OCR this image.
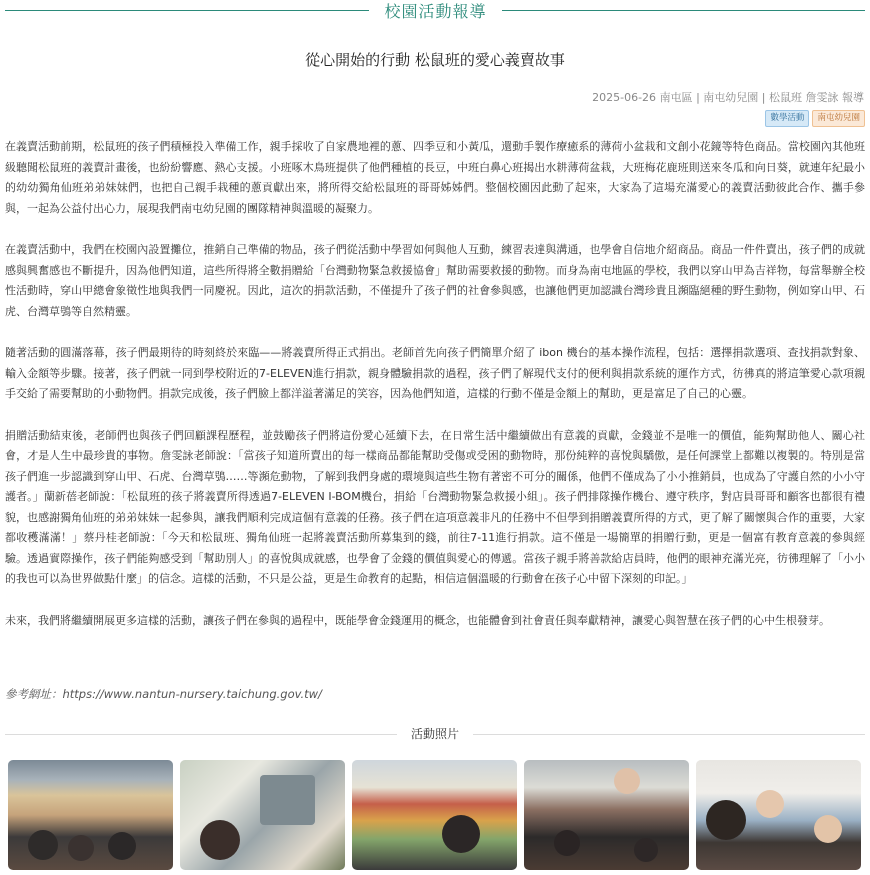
校園活動報導
從心開始的行動 松鼠班的愛心義賣故事
2025-06-26 南屯區 | 南屯幼兒園 | 松鼠班 詹雯詠 報導
數學活動	南屯幼兒園

在義賣活動前期，松鼠班的孩子們積極投入準備工作，親手採收了自家農地裡的蔥、四季豆和小黃瓜，還動手製作療癒系的薄荷小盆栽和文創小花鏡等特色商品。當校園內其他班級聽聞松鼠班的義賣計畫後，也紛紛響應、熱心支援。小班啄木鳥班提供了他們種植的長豆，中班白鼻心班揭出水耕薄荷盆栽，大班梅花鹿班則送來冬瓜和向日葵，就連年紀最小的幼幼獨角仙班弟弟妹妹們，也把自己親手栽種的蔥貢獻出來，將所得交給松鼠班的哥哥姊姊們。整個校園因此動了起來，大家為了這場充滿愛心的義賣活動彼此合作、攜手參與，一起為公益付出心力，展現我們南屯幼兒園的團隊精神與溫暖的凝聚力。

在義賣活動中，我們在校園內設置攤位，推銷自己準備的物品，孩子們從活動中學習如何與他人互動，練習表達與溝通，也學會自信地介紹商品。商品一件件賣出，孩子們的成就感與興奮感也不斷提升，因為他們知道，這些所得將全數捐贈給「台灣動物緊急救援協會」幫助需要救援的動物。而身為南屯地區的學校，我們以穿山甲為吉祥物，每當舉辦全校性活動時，穿山甲總會象徵性地與我們一同慶祝。因此，這次的捐款活動，不僅提升了孩子們的社會參與感，也讓他們更加認識台灣珍貴且瀕臨絕種的野生動物，例如穿山甲、石虎、台灣草鴞等自然精靈。

隨著活動的圓滿落幕，孩子們最期待的時刻終於來臨——將義賣所得正式捐出。老師首先向孩子們簡單介紹了 ibon 機台的基本操作流程，包括：選擇捐款選項、查找捐款對象、輸入金額等步驟。接著，孩子們就一同到學校附近的7-ELEVEN進行捐款，親身體驗捐款的過程，孩子們了解現代支付的便利與捐款系統的運作方式，彷彿真的將這筆愛心款項親手交給了需要幫助的小動物們。捐款完成後，孩子們臉上都洋溢著滿足的笑容，因為他們知道，這樣的行動不僅是金額上的幫助，更是富足了自己的心靈。

捐贈活動結束後，老師們也與孩子們回顧課程歷程，並鼓勵孩子們將這份愛心延續下去，在日常生活中繼續做出有意義的貢獻，金錢並不是唯一的價值，能夠幫助他人、關心社會，才是人生中最珍貴的事物。詹雯詠老師說：「當孩子知道所賣出的每一樣商品都能幫助受傷或受困的動物時，那份純粹的喜悅與驕傲，是任何課堂上都難以複製的。特別是當孩子們進一步認識到穿山甲、石虎、台灣草鴞……等瀕危動物，了解到我們身處的環境與這些生物有著密不可分的關係，他們不僅成為了小小推銷員，也成為了守護自然的小小守護者。」蘭新蓓老師說：「松鼠班的孩子將義賣所得透過7-ELEVEN I-BOM機台，捐給「台灣動物緊急救援小組」。孩子們排隊操作機台、遵守秩序，對店員哥哥和顧客也都很有禮貌，也感謝獨角仙班的弟弟妹妹一起參與，讓我們順利完成這個有意義的任務。孩子們在這項意義非凡的任務中不但學到捐贈義賣所得的方式，更了解了關懷與合作的重要，大家都收穫滿滿！」蔡丹桂老師說：「今天和松鼠班、獨角仙班一起將義賣活動所募集到的錢，前往7-11進行捐款。這不僅是一場簡單的捐贈行動，更是一個富有教育意義的參與經驗。透過實際操作，孩子們能夠感受到「幫助別人」的喜悅與成就感，也學會了金錢的價值與愛心的傳遞。當孩子親手將善款給店員時，他們的眼神充滿光亮，彷彿理解了「小小的我也可以為世界做點什麼」的信念。這樣的活動，不只是公益，更是生命教育的起點，相信這個溫暖的行動會在孩子心中留下深刻的印記。」

未來，我們將繼續開展更多這樣的活動，讓孩子們在參與的過程中，既能學會金錢運用的概念，也能體會到社會責任與奉獻精神，讓愛心與智慧在孩子們的心中生根發芽。

參考網址：https://www.nantun-nursery.taichung.gov.tw/
活動照片
